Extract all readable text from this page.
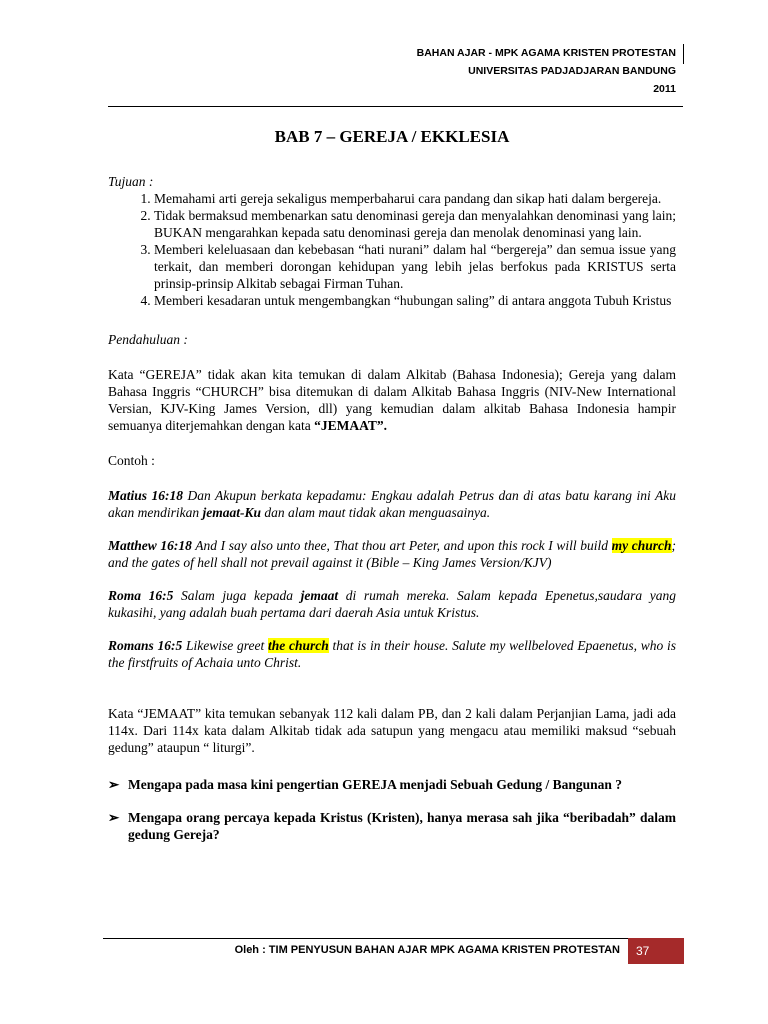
BAHAN AJAR - MPK AGAMA KRISTEN PROTESTAN
UNIVERSITAS PADJADJARAN BANDUNG
2011
BAB 7 – GEREJA / EKKLESIA

Tujuan :

1. Memahami arti gereja sekaligus memperbaharui cara pandang dan sikap hati dalam bergereja.
2. Tidak bermaksud membenarkan satu denominasi gereja dan menyalahkan denominasi yang lain; BUKAN mengarahkan kepada satu denominasi gereja dan menolak denominasi yang lain.
3. Memberi keleluasaan dan kebebasan “hati nurani” dalam hal “bergereja” dan semua issue yang terkait, dan memberi dorongan kehidupan yang lebih jelas berfokus pada KRISTUS serta prinsip-prinsip Alkitab sebagai Firman Tuhan.
4. Memberi kesadaran untuk mengembangkan “hubungan saling” di antara anggota Tubuh Kristus

Pendahuluan :

Kata “GEREJA” tidak akan kita temukan di dalam Alkitab (Bahasa Indonesia); Gereja yang dalam Bahasa Inggris “CHURCH” bisa ditemukan di dalam Alkitab Bahasa Inggris (NIV-New International Versian, KJV-King James Version, dll) yang kemudian dalam alkitab Bahasa Indonesia hampir semuanya diterjemahkan dengan kata “JEMAAT”.

Contoh :

Matius 16:18 Dan Akupun berkata kepadamu: Engkau adalah Petrus dan di atas batu karang ini Aku akan mendirikan jemaat-Ku dan alam maut tidak akan menguasainya.

Matthew 16:18 And I say also unto thee, That thou art Peter, and upon this rock I will build my church; and the gates of hell shall not prevail against it (Bible – King James Version/KJV)

Roma 16:5 Salam juga kepada jemaat di rumah mereka. Salam kepada Epenetus,saudara yang kukasihi, yang adalah buah pertama dari daerah Asia untuk Kristus.

Romans 16:5 Likewise greet the church that is in their house. Salute my wellbeloved Epaenetus, who is the firstfruits of Achaia unto Christ.

Kata “JEMAAT” kita temukan sebanyak 112 kali dalam PB, dan 2 kali dalam Perjanjian Lama, jadi ada 114x. Dari 114x kata dalam Alkitab tidak ada satupun yang mengacu atau memiliki maksud “sebuah gedung” ataupun “ liturgi”.

➢ Mengapa pada masa kini pengertian GEREJA menjadi Sebuah Gedung / Bangunan ?
➢ Mengapa orang percaya kepada Kristus (Kristen), hanya merasa sah jika “beribadah” dalam gedung Gereja?
Oleh : TIM PENYUSUN BAHAN AJAR MPK AGAMA KRISTEN PROTESTAN 37
